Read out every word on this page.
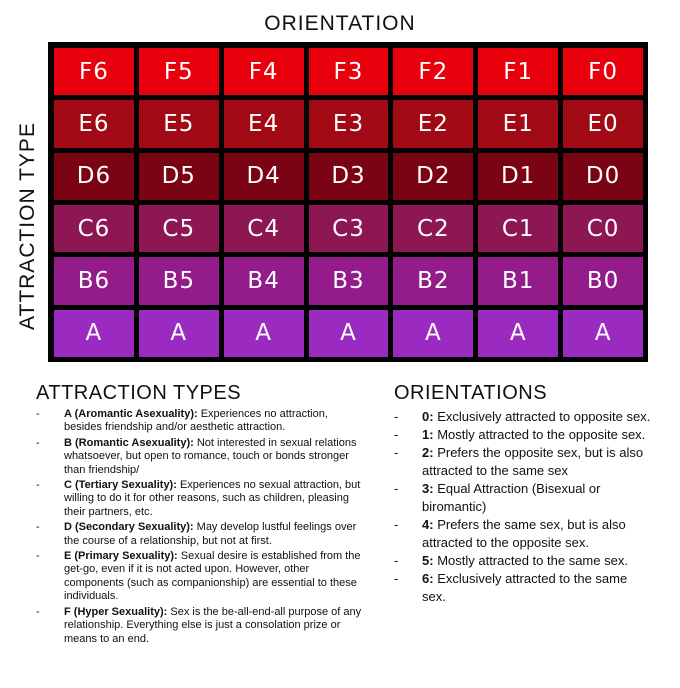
ORIENTATION
ATTRACTION TYPE
F6	F5	F4	F3	F2	F1	F0
E6	E5	E4	E3	E2	E1	E0
D6	D5	D4	D3	D2	D1	D0
C6	C5	C4	C3	C2	C1	C0
B6	B5	B4	B3	B2	B1	B0
A	A	A	A	A	A	A
ATTRACTION TYPES
- A (Aromantic Asexuality): Experiences no attraction, besides friendship and/or aesthetic attraction.
- B (Romantic Asexuality): Not interested in sexual relations whatsoever, but open to romance, touch or bonds stronger than friendship/
- C (Tertiary Sexuality): Experiences no sexual attraction, but willing to do it for other reasons, such as children, pleasing their partners, etc.
- D (Secondary Sexuality): May develop lustful feelings over the course of a relationship, but not at first.
- E (Primary Sexuality): Sexual desire is established from the get-go, even if it is not acted upon. However, other components (such as companionship) are essential to these individuals.
- F (Hyper Sexuality): Sex is the be-all-end-all purpose of any relationship. Everything else is just a consolation prize or means to an end.
ORIENTATIONS
- 0: Exclusively attracted to opposite sex.
- 1: Mostly attracted to the opposite sex.
- 2: Prefers the opposite sex, but is also attracted to the same sex
- 3: Equal Attraction (Bisexual or biromantic)
- 4: Prefers the same sex, but is also attracted to the opposite sex.
- 5: Mostly attracted to the same sex.
- 6: Exclusively attracted to the same sex.
